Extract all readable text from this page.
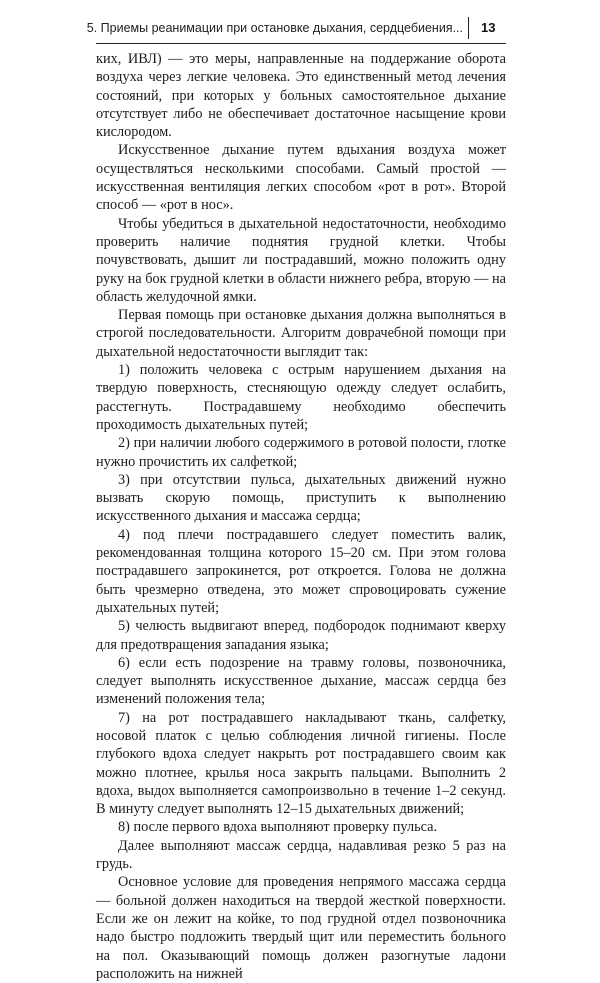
5. Приемы реанимации при остановке дыхания, сердцебиения... 13

ких, ИВЛ) — это меры, направленные на поддержание оборота воздуха через легкие человека. Это единственный метод лечения состояний, при которых у больных самостоятельное дыхание отсутствует либо не обеспечивает достаточное насыщение крови кислородом.

Искусственное дыхание путем вдыхания воздуха может осуществляться несколькими способами. Самый простой — искусственная вентиляция легких способом «рот в рот». Второй способ — «рот в нос».

Чтобы убедиться в дыхательной недостаточности, необходимо проверить наличие поднятия грудной клетки. Чтобы почувствовать, дышит ли пострадавший, можно положить одну руку на бок грудной клетки в области нижнего ребра, вторую — на область желудочной ямки.

Первая помощь при остановке дыхания должна выполняться в строгой последовательности. Алгоритм доврачебной помощи при дыхательной недостаточности выглядит так:

1) положить человека с острым нарушением дыхания на твердую поверхность, стесняющую одежду следует ослабить, расстегнуть. Пострадавшему необходимо обеспечить проходимость дыхательных путей;

2) при наличии любого содержимого в ротовой полости, глотке нужно прочистить их салфеткой;

3) при отсутствии пульса, дыхательных движений нужно вызвать скорую помощь, приступить к выполнению искусственного дыхания и массажа сердца;

4) под плечи пострадавшего следует поместить валик, рекомендованная толщина которого 15–20 см. При этом голова пострадавшего запрокинется, рот откроется. Голова не должна быть чрезмерно отведена, это может спровоцировать сужение дыхательных путей;

5) челюсть выдвигают вперед, подбородок поднимают кверху для предотвращения западания языка;

6) если есть подозрение на травму головы, позвоночника, следует выполнять искусственное дыхание, массаж сердца без изменений положения тела;

7) на рот пострадавшего накладывают ткань, салфетку, носовой платок с целью соблюдения личной гигиены. После глубокого вдоха следует накрыть рот пострадавшего своим как можно плотнее, крылья носа закрыть пальцами. Выполнить 2 вдоха, выдох выполняется самопроизвольно в течение 1–2 секунд. В минуту следует выполнять 12–15 дыхательных движений;

8) после первого вдоха выполняют проверку пульса.

Далее выполняют массаж сердца, надавливая резко 5 раз на грудь.

Основное условие для проведения непрямого массажа сердца — больной должен находиться на твердой жесткой поверхности. Если же он лежит на койке, то под грудной отдел позвоночника надо быстро подложить твердый щит или переместить больного на пол. Оказывающий помощь должен разогнутые ладони расположить на нижней
